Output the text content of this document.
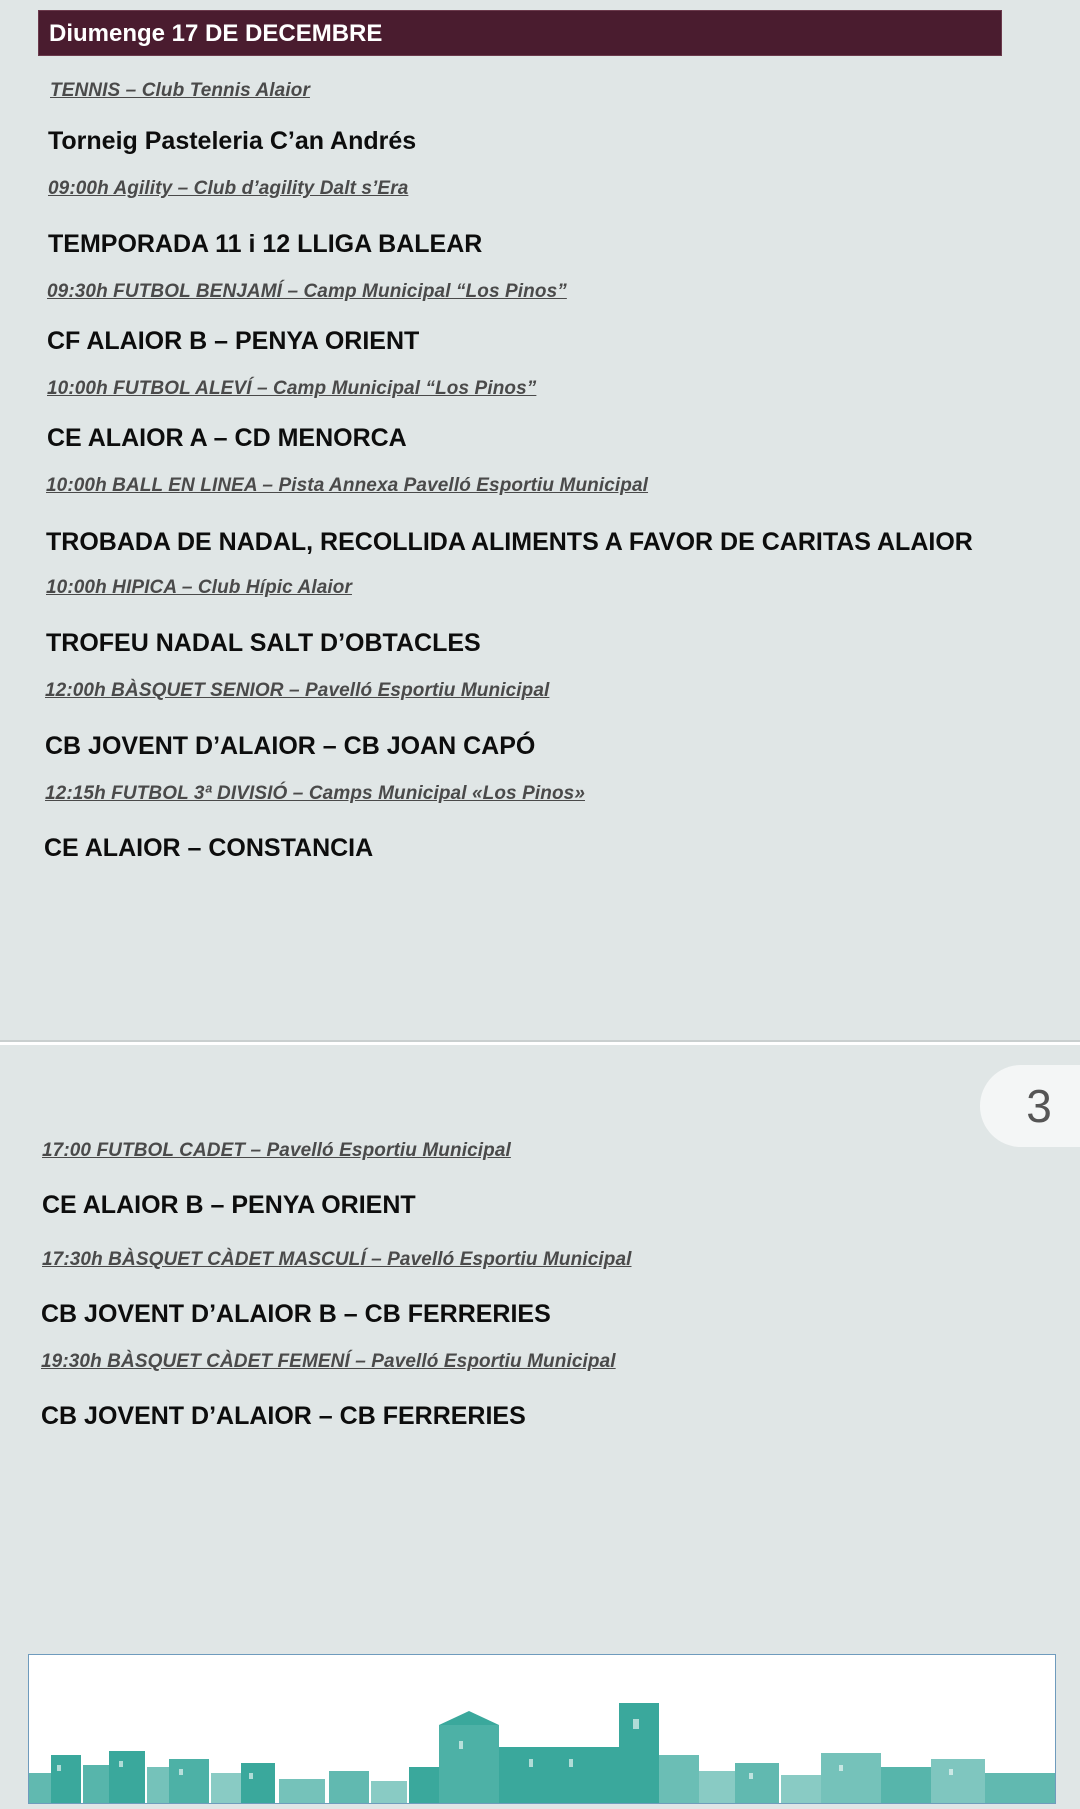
Diumenge 17 DE DECEMBRE
TENNIS – Club Tennis Alaior
Torneig Pasteleria C’an Andrés
09:00h Agility – Club d’agility Dalt s’Era
TEMPORADA 11 i 12 LLIGA BALEAR
09:30h FUTBOL BENJAMÍ – Camp Municipal “Los Pinos”
CF ALAIOR B – PENYA ORIENT
10:00h FUTBOL ALEVÍ – Camp Municipal “Los Pinos”
CE ALAIOR A – CD MENORCA
10:00h BALL EN LINEA – Pista Annexa Pavelló Esportiu Municipal
TROBADA DE NADAL, RECOLLIDA ALIMENTS A FAVOR DE CARITAS ALAIOR
10:00h HIPICA – Club Hípic Alaior
TROFEU NADAL SALT D’OBTACLES
12:00h BÀSQUET SENIOR – Pavelló Esportiu Municipal
CB JOVENT D’ALAIOR – CB JOAN CAPÓ
12:15h FUTBOL 3ª DIVISIÓ – Camps Municipal «Los Pinos»
CE ALAIOR – CONSTANCIA
3
17:00 FUTBOL CADET – Pavelló Esportiu Municipal
CE ALAIOR B – PENYA ORIENT
17:30h BÀSQUET CÀDET MASCULÍ – Pavelló Esportiu Municipal
CB JOVENT D’ALAIOR B – CB FERRERIES
19:30h BÀSQUET CÀDET FEMENÍ – Pavelló Esportiu Municipal
CB JOVENT D’ALAIOR – CB FERRERIES
